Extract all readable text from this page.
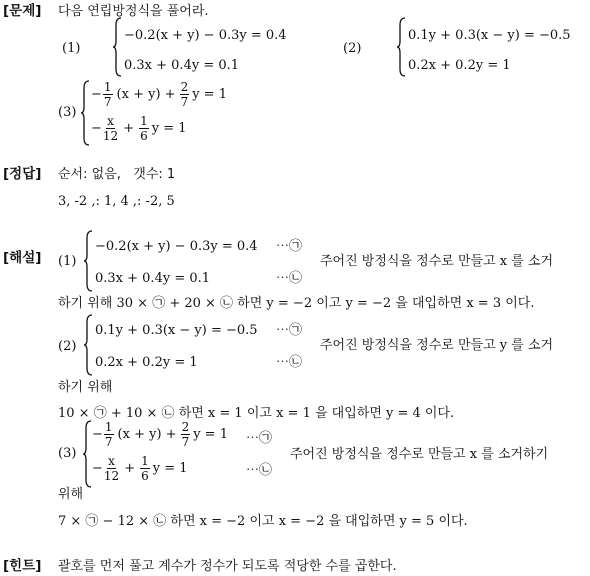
[문제] 다음 연립방정식을 풀어라.
(1)
−0.2(x + y) − 0.3y = 0.4
0.3x + 0.4y = 0.1
(2)
0.1y + 0.3(x − y) = −0.5
0.2x + 0.2y = 1
(3)
− $\frac{1}{7} (x + y) + \frac{2}{7}$ y = 1
− $\frac{x}{12} + \frac{1}{6}$ y = 1
[정답] 순서: 없음,   갯수: 1
3, -2 ,: 1, 4 ,: -2, 5
[해설] (1)
−0.2(x + y) − 0.3y = 0.4 ⋯㉠
0.3x + 0.4y = 0.1	⋯㉡
주어진 방정식을 정수로 만들고 x 를 소거
하기 위해 30 × ㉠ + 20 × ㉡ 하면 y = −2 이고 y = −2 을 대입하면 x = 3 이다.
(2)
0.1y + 0.3(x − y) = −0.5 ⋯㉠
0.2x + 0.2y = 1	⋯㉡
주어진 방정식을 정수로 만들고 y 를 소거
하기 위해
10 × ㉠ + 10 × ㉡ 하면 x = 1 이고 x = 1 을 대입하면 y = 4 이다.
(3)
− $\frac{1}{7} (x + y) + \frac{2}{7}$ y = 1 ⋯㉠
− $\frac{x}{12} + \frac{1}{6}$ y = 1	⋯㉡
주어진 방정식을 정수로 만들고 x 를 소거하기
위해
7 × ㉠ − 12 × ㉡ 하면 x = −2 이고 x = −2 을 대입하면 y = 5 이다.
[힌트] 괄호를 먼저 풀고 계수가 정수가 되도록 적당한 수를 곱한다.
